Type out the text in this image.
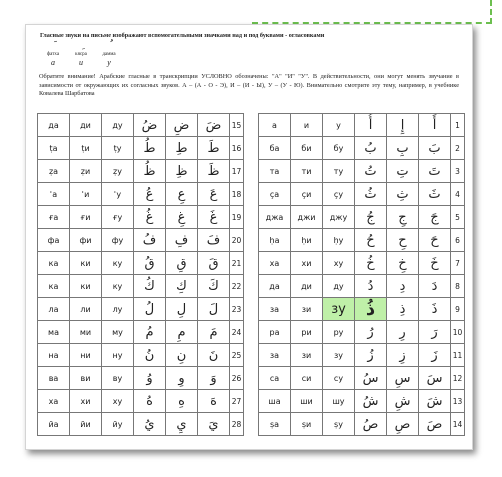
Гласные звуки на письме изображают вспомогательными значками над и под буквами - огласовками
фатха
а
кясра
и
дамма
у
Обратите внимание! Арабские гласные в транскрипции УСЛОВНО обозначены: "А" "И" "У". В действительности, они могут менять звучание в зависимости от окружающих их согласных звуков. А – (А - О - Э), И – (И - Ы), У – (У - Ю). Внимательно смотрите эту тему, например, в учебнике Ковалева Шарбатова
да	ди	ду	ضُ	ضِ	ضَ	15
ṭа	ṭи	ṭу	طُ	طِ	طَ	16
ẓа	ẓи	ẓу	ظُ	ظِ	ظَ	17
ʿа	ʿи	ʿу	عُ	عِ	عَ	18
ға	ғи	ғу	غُ	غِ	غَ	19
фа	фи	фу	فُ	فِ	فَ	20
ка	ки	ку	قُ	قِ	قَ	21
ка	ки	ку	كُ	كِ	كَ	22
ла	ли	лу	لُ	لِ	لَ	23
ма	ми	му	مُ	مِ	مَ	24
на	ни	ну	نُ	نِ	نَ	25
ва	ви	ву	وُ	وِ	وَ	26
ха	хи	ху	هُ	هِ	هَ	27
йа	йи	йу	يُ	يِ	يَ	28
а	и	у	أُ	إِ	أَ	1
ба	би	бу	بُ	بِ	بَ	2
та	ти	ту	تُ	تِ	تَ	3
ҫа	ҫи	ҫу	ثُ	ثِ	ثَ	4
джа	джи	джу	جُ	جِ	جَ	5
ḥа	ḥи	ḥу	حُ	حِ	حَ	6
ха	хи	ху	خُ	خِ	خَ	7
да	ди	ду	دُ	دِ	دَ	8
за	зи	зу	ذُ	ذِ	ذَ	9
ра	ри	ру	رُ	رِ	رَ	10
за	зи	зу	زُ	زِ	زَ	11
са	си	су	سُ	سِ	سَ	12
ша	ши	шу	شُ	شِ	شَ	13
ṣа	ṣи	ṣу	صُ	صِ	صَ	14
